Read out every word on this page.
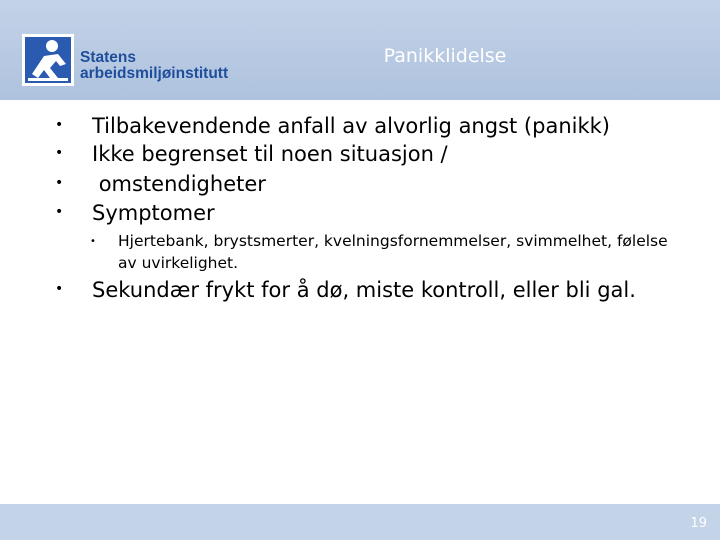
Statens
arbeidsmiljøinstitutt
Panikklidelse
• Tilbakevendende anfall av alvorlig angst (panikk)
• Ikke begrenset til noen situasjon /
• omstendigheter
• Symptomer
• Hjertebank, brystsmerter, kvelningsfornemmelser, svimmelhet, følelse av uvirkelighet.
• Sekundær frykt for å dø, miste kontroll, eller bli gal.
19
